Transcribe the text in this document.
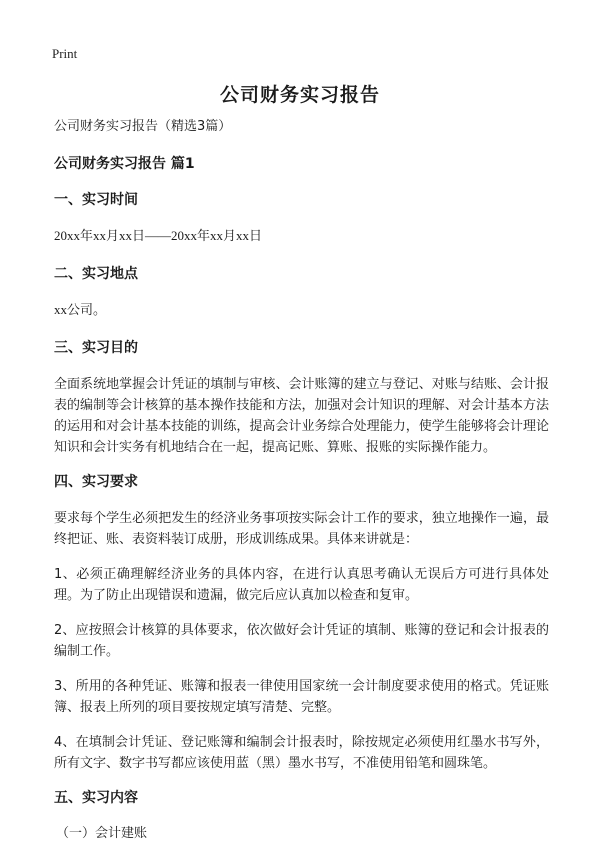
Print
公司财务实习报告

公司财务实习报告（精选3篇）

公司财务实习报告 篇1

一、实习时间

20xx年xx月xx日——20xx年xx月xx日

二、实习地点

xx公司。

三、实习目的

全面系统地掌握会计凭证的填制与审核、会计账簿的建立与登记、对账与结账、会计报表的编制等会计核算的基本操作技能和方法，加强对会计知识的理解、对会计基本方法的运用和对会计基本技能的训练，提高会计业务综合处理能力，使学生能够将会计理论知识和会计实务有机地结合在一起，提高记账、算账、报账的实际操作能力。

四、实习要求

要求每个学生必须把发生的经济业务事项按实际会计工作的要求，独立地操作一遍，最终把证、账、表资料装订成册，形成训练成果。具体来讲就是：

1、必须正确理解经济业务的具体内容，在进行认真思考确认无误后方可进行具体处理。为了防止出现错误和遗漏，做完后应认真加以检查和复审。

2、应按照会计核算的具体要求，依次做好会计凭证的填制、账簿的登记和会计报表的编制工作。

3、所用的各种凭证、账簿和报表一律使用国家统一会计制度要求使用的格式。凭证账簿、报表上所列的项目要按规定填写清楚、完整。

4、在填制会计凭证、登记账簿和编制会计报表时，除按规定必须使用红墨水书写外，所有文字、数字书写都应该使用蓝（黑）墨水书写，不准使用铅笔和圆珠笔。

五、实习内容

（一）会计建账
